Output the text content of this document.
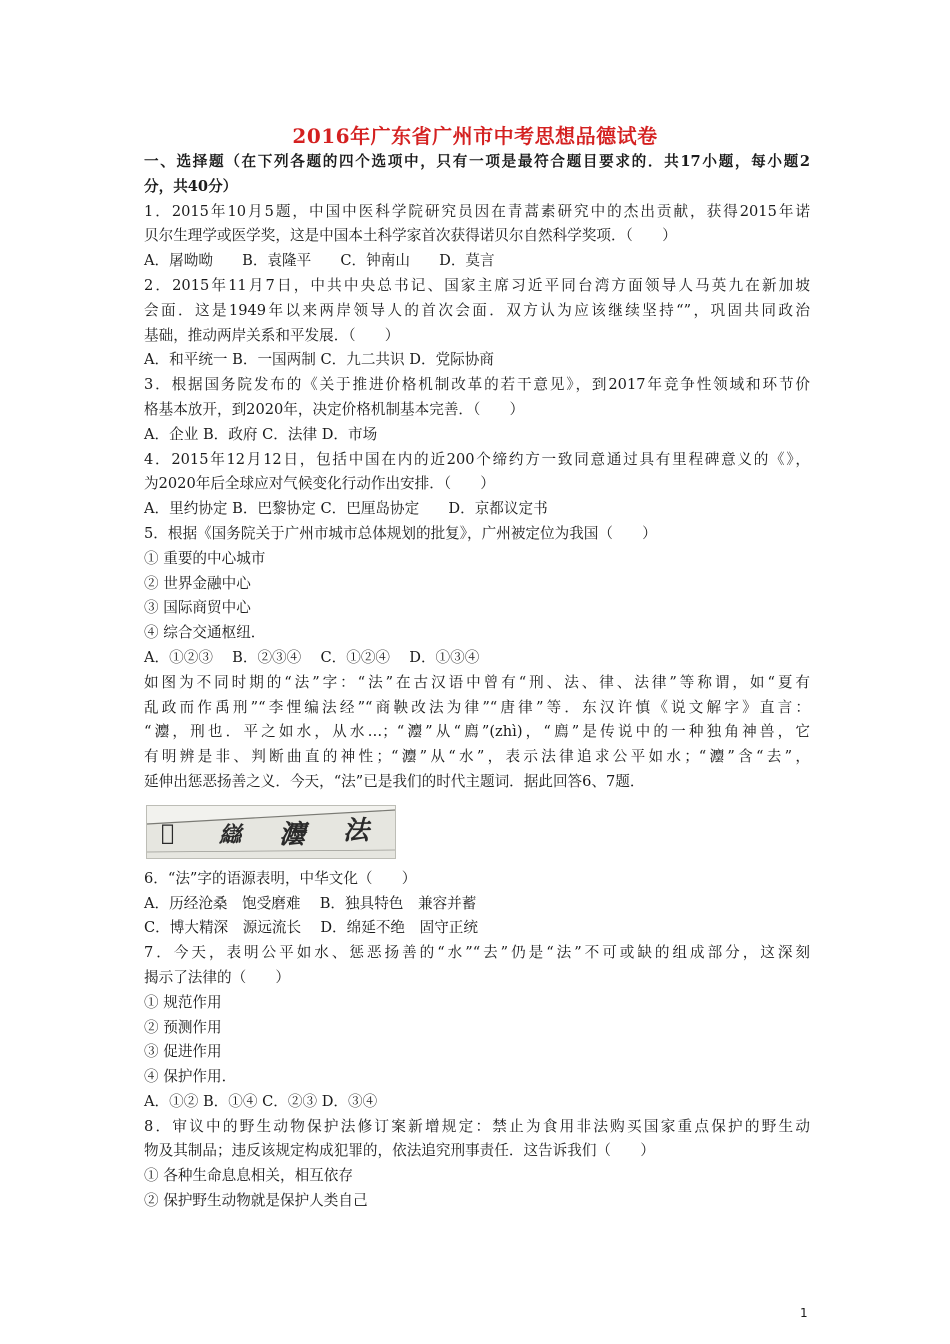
2016年广东省广州市中考思想品德试卷
一、选择题（在下列各题的四个选项中，只有一项是最符合题目要求的．共17小题，每小题2
分，共40分）
1．2015年10月5题，中国中医科学院研究员因在青蒿素研究中的杰出贡献，获得2015年诺
贝尔生理学或医学奖，这是中国本土科学家首次获得诺贝尔自然科学奖项．（　　）
A．屠呦呦　　B．袁隆平　　C．钟南山　　D．莫言
2．2015年11月7日，中共中央总书记、国家主席习近平同台湾方面领导人马英九在新加坡
会面．这是1949年以来两岸领导人的首次会面．双方认为应该继续坚持“”，巩固共同政治
基础，推动两岸关系和平发展．（　　）
A．和平统一 B．一国两制 C．九二共识 D．党际协商
3．根据国务院发布的《关于推进价格机制改革的若干意见》，到2017年竞争性领域和环节价
格基本放开，到2020年，决定价格机制基本完善．（　　）
A．企业 B．政府 C．法律 D．市场
4．2015年12月12日，包括中国在内的近200个缔约方一致同意通过具有里程碑意义的《》，
为2020年后全球应对气候变化行动作出安排．（　　）
A．里约协定 B．巴黎协定 C．巴厘岛协定　　D．京都议定书
5．根据《国务院关于广州市城市总体规划的批复》，广州被定位为我国（　　）
① 重要的中心城市
② 世界金融中心
③ 国际商贸中心
④ 综合交通枢纽．
A．①②③　 B．②③④　 C．①②④　 D．①③④
如图为不同时期的“法”字：“法”在古汉语中曾有“刑、法、律、法律”等称谓，如“夏有
乱政而作禹刑”“李悝编法经”“商鞅改法为律”“唐律”等．东汉许慎《说文解字》直言：
“灋，刑也．平之如水，从水…；“灋”从“廌”(zhì)，“廌”是传说中的一种独角神兽，它
有明辨是非、判断曲直的神性；“灋”从“水”，表示法律追求公平如水；“灋”含“去”，
延伸出惩恶扬善之义．今天，“法”已是我们的时代主题词．据此回答6、7题．
𤕫 䜌 灋 法
6．“法”字的语源表明，中华文化（　　）
A．历经沧桑　饱受磨难　 B．独具特色　兼容并蓄
C．博大精深　源远流长　 D．绵延不绝　固守正统
7．今天，表明公平如水、惩恶扬善的“水”“去”仍是“法”不可或缺的组成部分，这深刻
揭示了法律的（　　）
① 规范作用
② 预测作用
③ 促进作用
④ 保护作用．
A．①② B．①④ C．②③ D．③④
8．审议中的野生动物保护法修订案新增规定：禁止为食用非法购买国家重点保护的野生动
物及其制品；违反该规定构成犯罪的，依法追究刑事责任．这告诉我们（　　）
① 各种生命息息相关，相互依存
② 保护野生动物就是保护人类自己
1
